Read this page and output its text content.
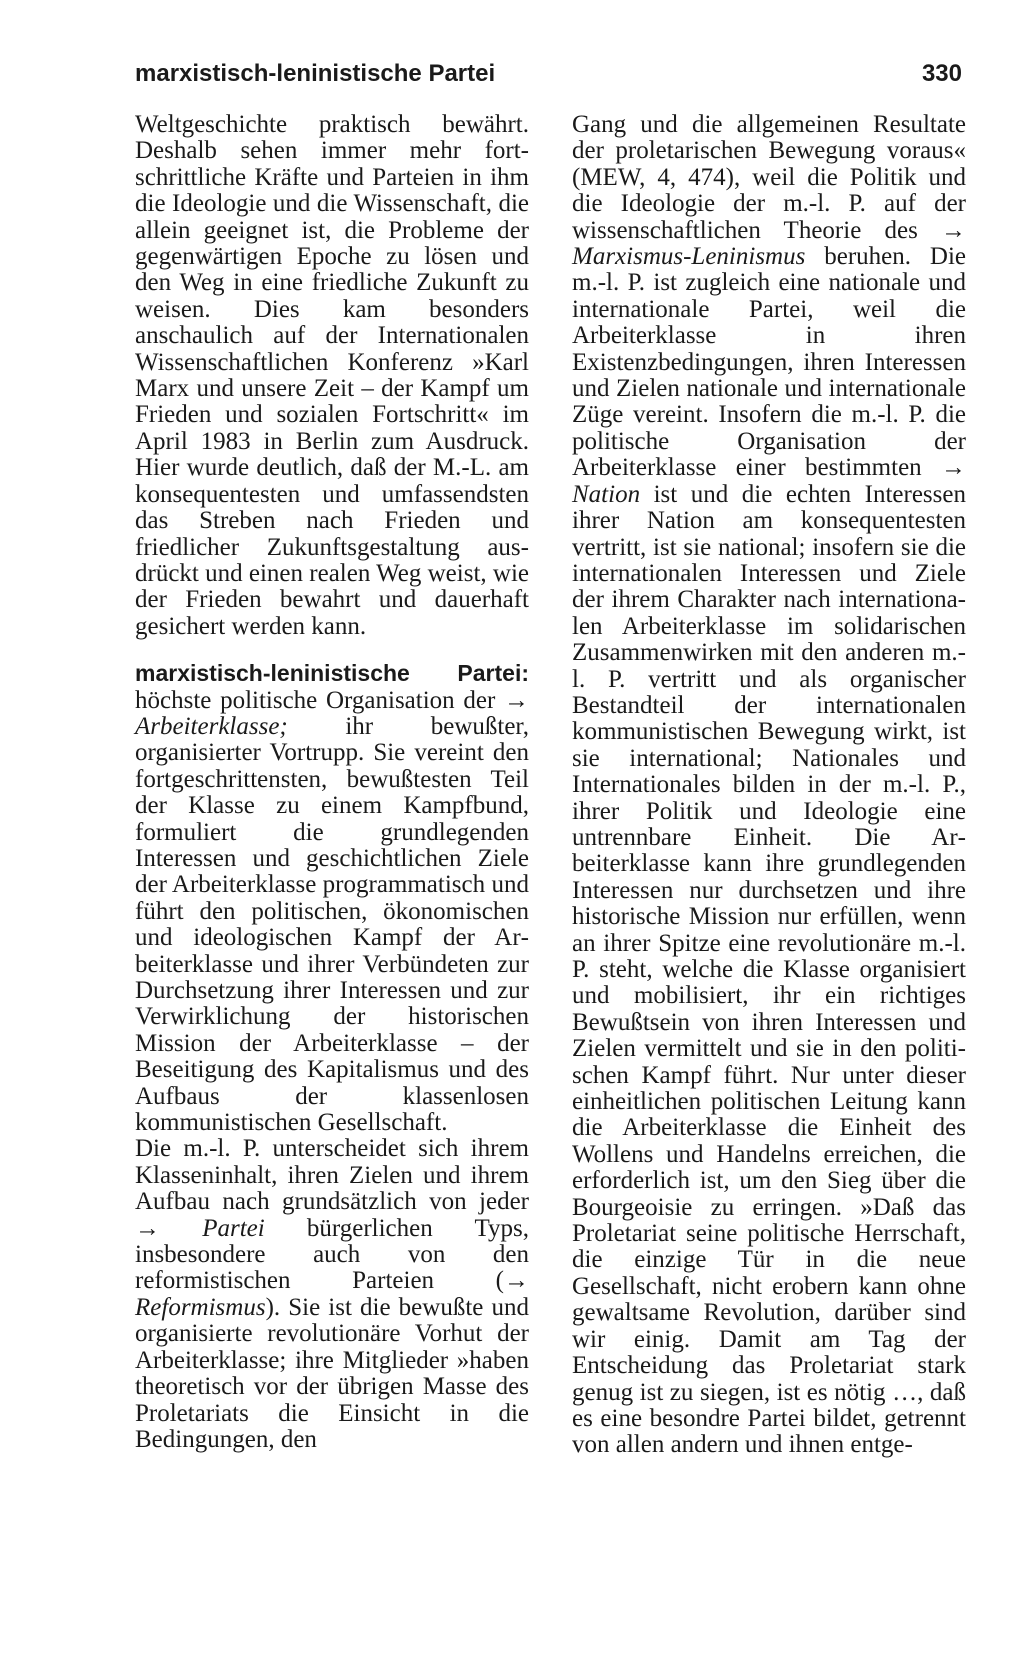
marxistisch-leninistische Partei	330

Weltgeschichte praktisch bewährt. Deshalb sehen immer mehr fortschrittliche Kräfte und Parteien in ihm die Ideologie und die Wissenschaft, die allein geeignet ist, die Probleme der gegenwärtigen Epoche zu lösen und den Weg in eine friedliche Zukunft zu weisen. Dies kam besonders anschaulich auf der Internationalen Wissenschaftlichen Konferenz »Karl Marx und unsere Zeit – der Kampf um Frieden und sozialen Fortschritt« im April 1983 in Berlin zum Ausdruck. Hier wurde deutlich, daß der M.-L. am konsequentesten und umfassendsten das Streben nach Frieden und friedlicher Zukunftsgestaltung ausdrückt und einen realen Weg weist, wie der Frieden bewahrt und dauerhaft gesichert werden kann.

marxistisch-leninistische Partei: höchste politische Organisation der → Arbeiterklasse; ihr bewußter, organisierter Vortrupp. Sie vereint den fortgeschrittensten, bewußtesten Teil der Klasse zu einem Kampfbund, formuliert die grundlegenden Interessen und geschichtlichen Ziele der Arbeiterklasse programmatisch und führt den politischen, ökonomischen und ideologischen Kampf der Arbeiterklasse und ihrer Verbündeten zur Durchsetzung ihrer Interessen und zur Verwirklichung der historischen Mission der Arbeiterklasse – der Beseitigung des Kapitalismus und des Aufbaus der klassenlosen kommunistischen Gesellschaft.

Die m.-l. P. unterscheidet sich ihrem Klasseninhalt, ihren Zielen und ihrem Aufbau nach grundsätzlich von jeder → Partei bürgerlichen Typs, insbesondere auch von den reformistischen Parteien (→ Reformismus). Sie ist die bewußte und organisierte revolutionäre Vorhut der Arbeiterklasse; ihre Mitglieder »haben theoretisch vor der übrigen Masse des Proletariats die Einsicht in die Bedingungen, den

Gang und die allgemeinen Resultate der proletarischen Bewegung voraus« (MEW, 4, 474), weil die Politik und die Ideologie der m.-l. P. auf der wissenschaftlichen Theorie des → Marxismus-Leninismus beruhen. Die m.-l. P. ist zugleich eine nationale und internationale Partei, weil die Arbeiterklasse in ihren Existenzbedingungen, ihren Interessen und Zielen nationale und internationale Züge vereint. Insofern die m.-l. P. die politische Organisation der Arbeiterklasse einer bestimmten → Nation ist und die echten Interessen ihrer Nation am konsequentesten vertritt, ist sie national; insofern sie die internationalen Interessen und Ziele der ihrem Charakter nach internationalen Arbeiterklasse im solidarischen Zusammenwirken mit den anderen m.-l. P. vertritt und als organischer Bestandteil der internationalen kommunistischen Bewegung wirkt, ist sie international; Nationales und Internationales bilden in der m.-l. P., ihrer Politik und Ideologie eine untrennbare Einheit. Die Arbeiterklasse kann ihre grundlegenden Interessen nur durchsetzen und ihre historische Mission nur erfüllen, wenn an ihrer Spitze eine revolutionäre m.-l. P. steht, welche die Klasse organisiert und mobilisiert, ihr ein richtiges Bewußtsein von ihren Interessen und Zielen vermittelt und sie in den politischen Kampf führt. Nur unter dieser einheitlichen politischen Leitung kann die Arbeiterklasse die Einheit des Wollens und Handelns erreichen, die erforderlich ist, um den Sieg über die Bourgeoisie zu erringen. »Daß das Proletariat seine politische Herrschaft, die einzige Tür in die neue Gesellschaft, nicht erobern kann ohne gewaltsame Revolution, darüber sind wir einig. Damit am Tag der Entscheidung das Proletariat stark genug ist zu siegen, ist es nötig …, daß es eine besondre Partei bildet, getrennt von allen andern und ihnen entge-
